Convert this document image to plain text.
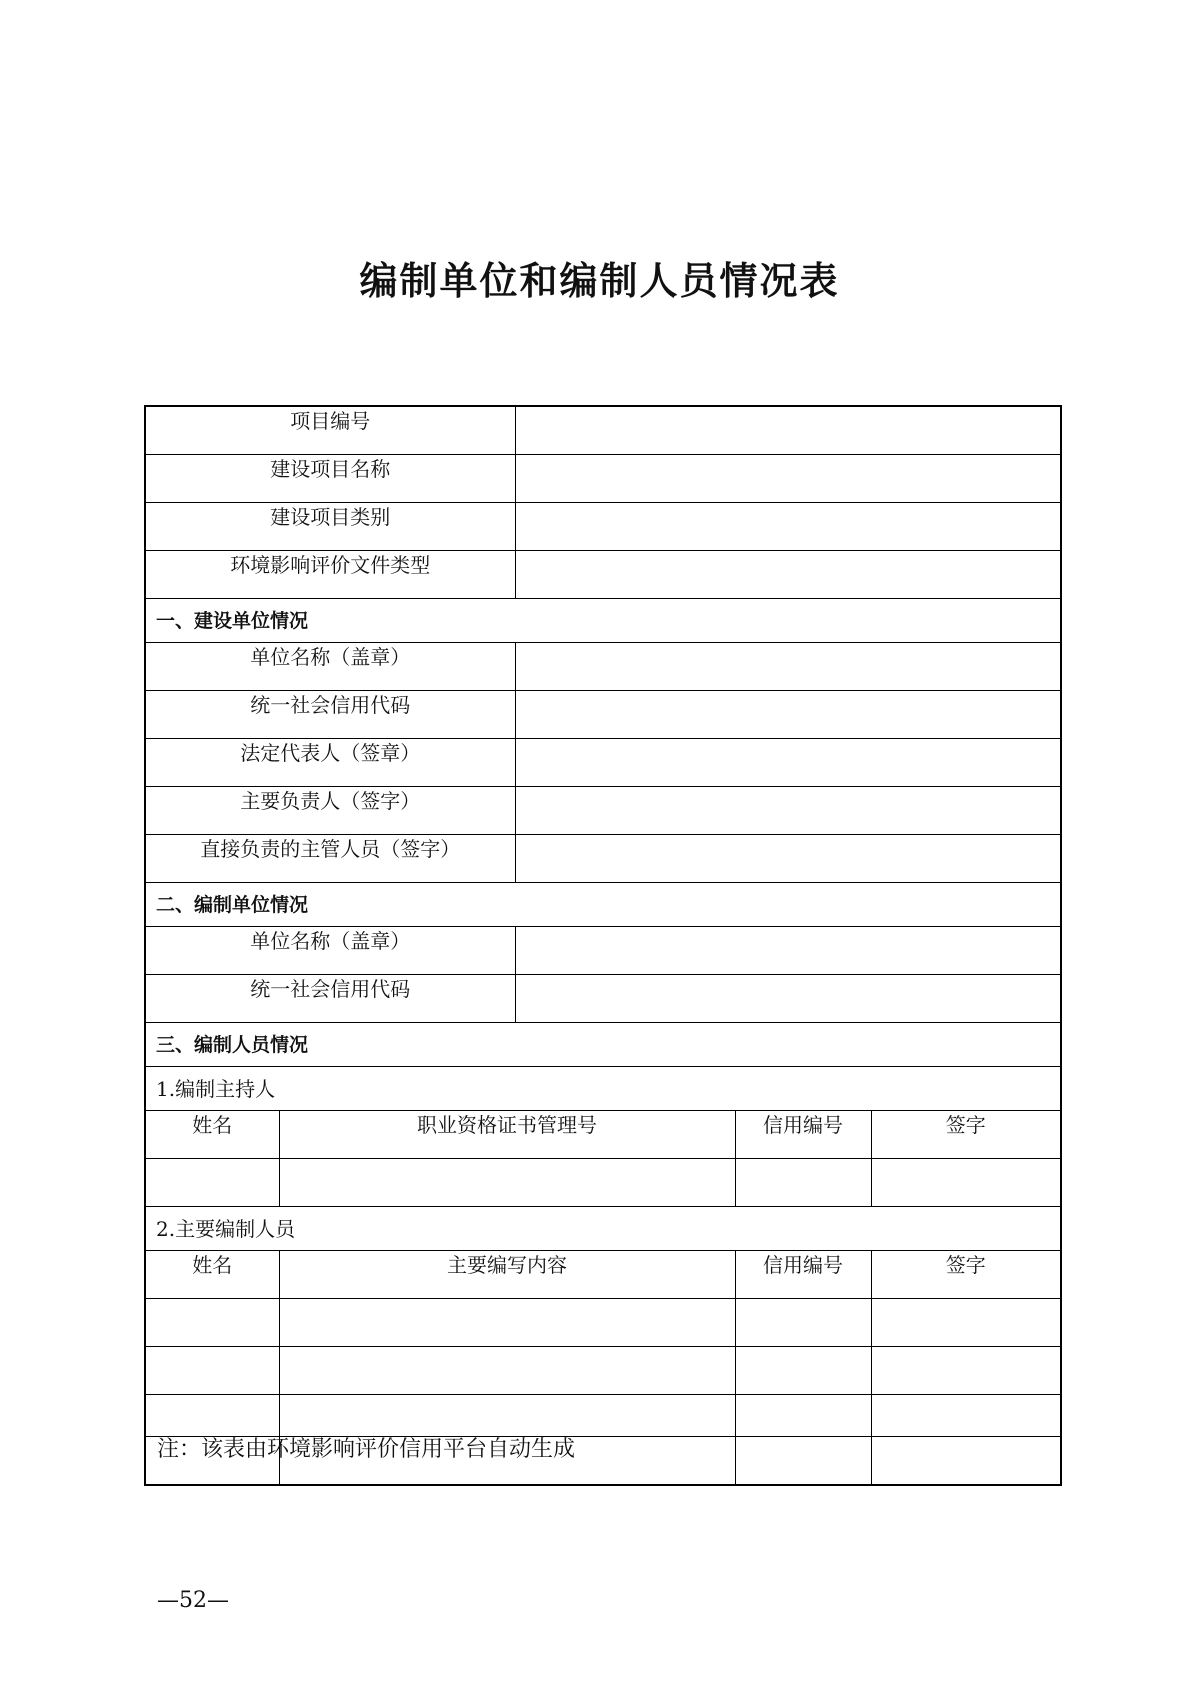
编制单位和编制人员情况表
项目编号				
建设项目名称				
建设项目类别				
环境影响评价文件类型				
一、建设单位情况				
单位名称（盖章）				
统一社会信用代码				
法定代表人（签章）				
主要负责人（签字）				
直接负责的主管人员（签字）				
二、编制单位情况				
单位名称（盖章）				
统一社会信用代码				
三、编制人员情况				
1.编制主持人				
姓名	职业资格证书管理号		信用编号	签字

2.主要编制人员				
姓名	主要编写内容		信用编号	签字

注：该表由环境影响评价信用平台自动生成
—52—
